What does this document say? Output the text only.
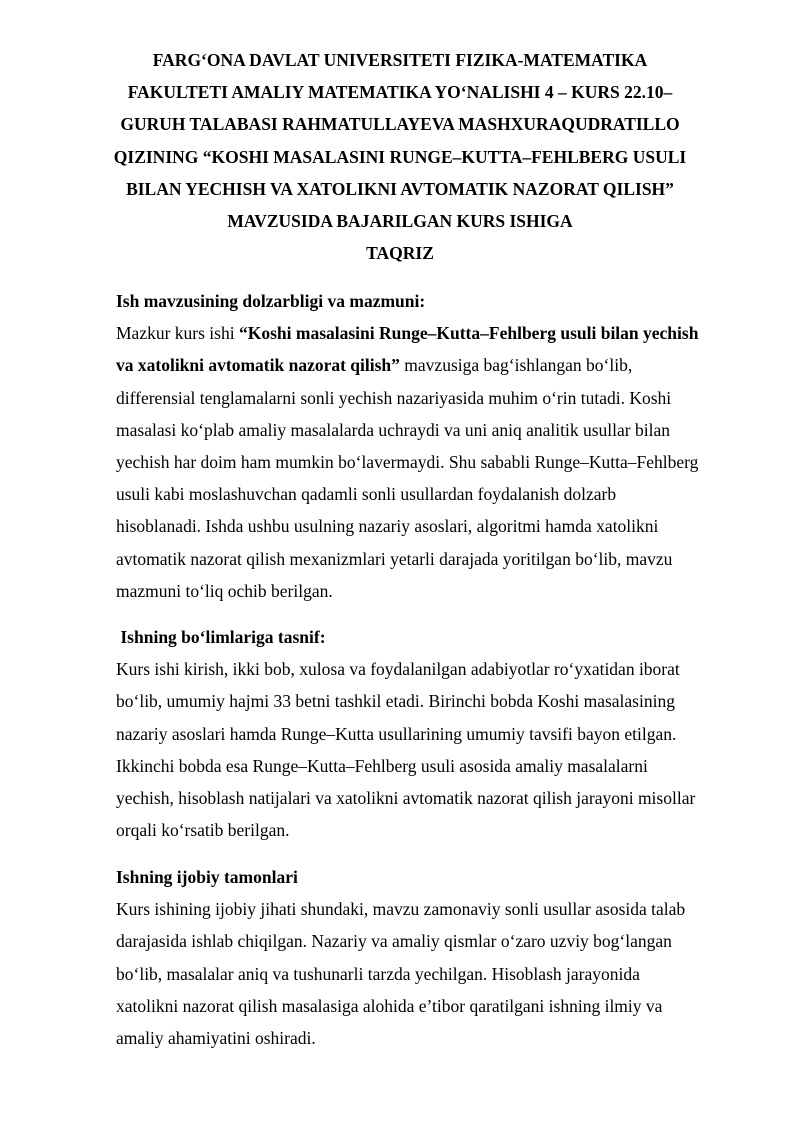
FARG‘ONA DAVLAT UNIVERSITETI FIZIKA-MATEMATIKA
FAKULTETI AMALIY MATEMATIKA YO‘NALISHI 4 – KURS 22.10–
GURUH TALABASI RAHMATULLAYEVA MASHXURAQUDRATILLO
QIZINING “KOSHI MASALASINI RUNGE–KUTTA–FEHLBERG USULI
BILAN YECHISH VA XATOLIKNI AVTOMATIK NAZORAT QILISH”
MAVZUSIDA BAJARILGAN KURS ISHIGA
TAQRIZ
Ish mavzusining dolzarbligi va mazmuni:
Mazkur kurs ishi “Koshi masalasini Runge–Kutta–Fehlberg usuli bilan yechish
va xatolikni avtomatik nazorat qilish” mavzusiga bag‘ishlangan bo‘lib,
differensial tenglamalarni sonli yechish nazariyasida muhim o‘rin tutadi. Koshi
masalasi ko‘plab amaliy masalalarda uchraydi va uni aniq analitik usullar bilan
yechish har doim ham mumkin bo‘lavermaydi. Shu sababli Runge–Kutta–Fehlberg
usuli kabi moslashuvchan qadamli sonli usullardan foydalanish dolzarb
hisoblanadi. Ishda ushbu usulning nazariy asoslari, algoritmi hamda xatolikni
avtomatik nazorat qilish mexanizmlari yetarli darajada yoritilgan bo‘lib, mavzu
mazmuni to‘liq ochib berilgan.
Ishning bo‘limlariga tasnif:
Kurs ishi kirish, ikki bob, xulosa va foydalanilgan adabiyotlar ro‘yxatidan iborat
bo‘lib, umumiy hajmi 33 betni tashkil etadi. Birinchi bobda Koshi masalasining
nazariy asoslari hamda Runge–Kutta usullarining umumiy tavsifi bayon etilgan.
Ikkinchi bobda esa Runge–Kutta–Fehlberg usuli asosida amaliy masalalarni
yechish, hisoblash natijalari va xatolikni avtomatik nazorat qilish jarayoni misollar
orqali ko‘rsatib berilgan.
Ishning ijobiy tamonlari
Kurs ishining ijobiy jihati shundaki, mavzu zamonaviy sonli usullar asosida talab
darajasida ishlab chiqilgan. Nazariy va amaliy qismlar o‘zaro uzviy bog‘langan
bo‘lib, masalalar aniq va tushunarli tarzda yechilgan. Hisoblash jarayonida
xatolikni nazorat qilish masalasiga alohida e’tibor qaratilgani ishning ilmiy va
amaliy ahamiyatini oshiradi.
